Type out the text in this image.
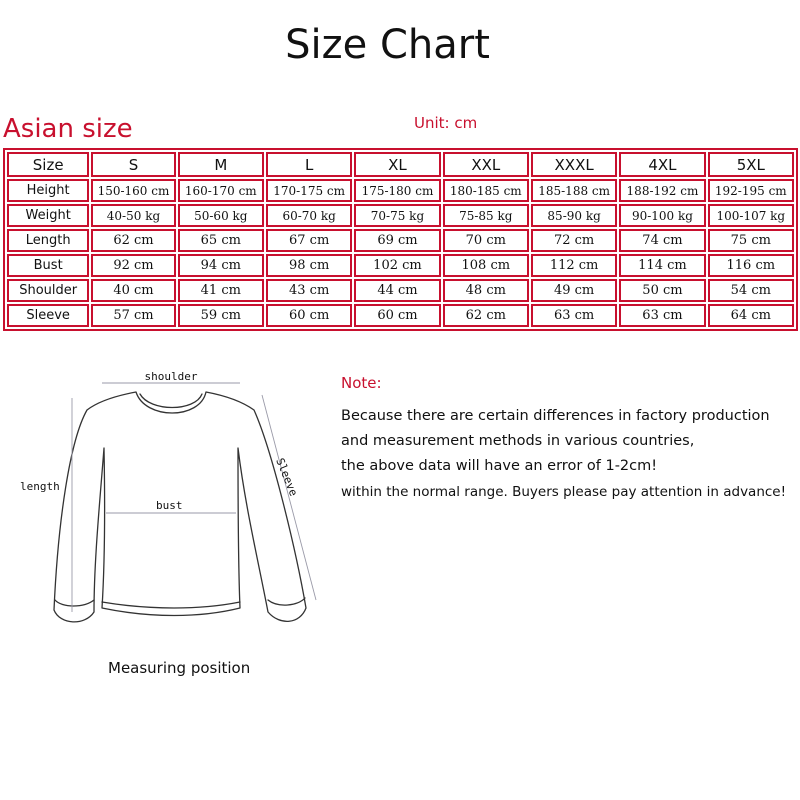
Size Chart
Asian size	Unit: cm
Size	S	M	L	XL	XXL	XXXL	4XL	5XL
Height	150-160 cm	160-170 cm	170-175 cm	175-180 cm	180-185 cm	185-188 cm	188-192 cm	192-195 cm
Weight	40-50 kg	50-60 kg	60-70 kg	70-75 kg	75-85 kg	85-90 kg	90-100 kg	100-107 kg
Length	62 cm	65 cm	67 cm	69 cm	70 cm	72 cm	74 cm	75 cm
Bust	92 cm	94 cm	98 cm	102 cm	108 cm	112 cm	114 cm	116 cm
Shoulder	40 cm	41 cm	43 cm	44 cm	48 cm	49 cm	50 cm	54 cm
Sleeve	57 cm	59 cm	60 cm	60 cm	62 cm	63 cm	63 cm	64 cm
shoulder
length
bust
Sleeve
Measuring position
Note:
Because there are certain differences in factory production
and measurement methods in various countries,
the above data will have an error of 1-2cm!
within the normal range. Buyers please pay attention in advance!
